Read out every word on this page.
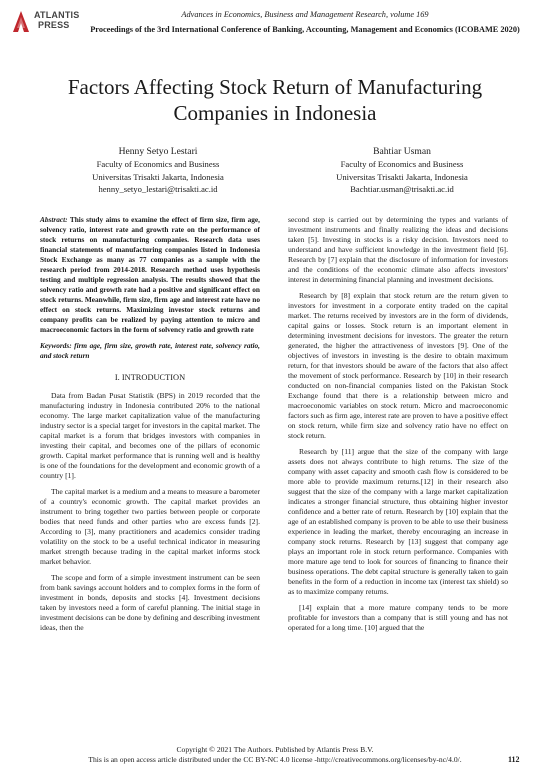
ATLANTIS
PRESS
Advances in Economics, Business and Management Research, volume 169
Proceedings of the 3rd International Conference of Banking, Accounting, Management and Economics (ICOBAME 2020)
Factors Affecting Stock Return of Manufacturing Companies in Indonesia
Henny Setyo Lestari
Faculty of Economics and Business
Universitas Trisakti Jakarta, Indonesia
henny_setyo_lestari@trisakti.ac.id
Bahtiar Usman
Faculty of Economics and Business
Universitas Trisakti Jakarta, Indonesia
Bachtiar.usman@trisakti.ac.id

Abstract: This study aims to examine the effect of firm size, firm age, solvency ratio, interest rate and growth rate on the performance of stock returns on manufacturing companies. Research data uses financial statements of manufacturing companies listed in Indonesia Stock Exchange as many as 77 companies as a sample with the research period from 2014-2018. Research method uses hypothesis testing and multiple regression analysis. The results showed that the solvency ratio and growth rate had a positive and significant effect on stock returns. Meanwhile, firm size, firm age and interest rate have no effect on stock returns. Maximizing investor stock returns and company profits can be realized by paying attention to micro and macroeconomic factors in the form of solvency ratio and growth rate

Keywords: firm age, firm size, growth rate, interest rate, solvency ratio, and stock return

I. INTRODUCTION

Data from Badan Pusat Statistik (BPS) in 2019 recorded that the manufacturing industry in Indonesia contributed 20% to the national economy. The large market capitalization value of the manufacturing industry sector is a special target for investors in the capital market. The capital market is a forum that bridges investors with companies in investing their capital, and becomes one of the pillars of economic growth. Capital market performance that is running well and is healthy is one of the foundations for the development and economic growth of a country [1].

The capital market is a medium and a means to measure a barometer of a country's economic growth. The capital market provides an instrument to bring together two parties between people or corporate bodies that need funds and other parties who are excess funds [2]. According to [3], many practitioners and academics consider trading volatility on the stock to be a useful technical indicator in measuring market strength because trading in the capital market informs stock market behavior.

The scope and form of a simple investment instrument can be seen from bank savings account holders and to complex forms in the form of investment in bonds, deposits and stocks [4]. Investment decisions taken by investors need a form of careful planning. The initial stage in investment decisions can be done by defining and describing investment ideas, then the

second step is carried out by determining the types and variants of investment instruments and finally realizing the ideas and decisions taken [5]. Investing in stocks is a risky decision. Investors need to understand and have sufficient knowledge in the investment field [6]. Research by [7] explain that the disclosure of information for investors and the conditions of the economic climate also affects investors' interest in determining financial planning and investment decisions.

Research by [8] explain that stock return are the return given to investors for investment in a corporate entity traded on the capital market. The returns received by investors are in the form of dividends, capital gains or losses. Stock return is an important element in determining investment decisions for investors. The greater the return generated, the higher the attractiveness of investors [9]. One of the objectives of investors in investing is the desire to obtain maximum return, for that investors should be aware of the factors that also affect the movement of stock performance. Research by [10] in their research conducted on non-financial companies listed on the Pakistan Stock Exchange found that there is a relationship between micro and macroeconomic variables on stock return. Micro and macroeconomic factors such as firm age, interest rate are proven to have a positive effect on stock return, while firm size and solvency ratio have no effect on stock return.

Research by [11] argue that the size of the company with large assets does not always contribute to high returns. The size of the company with asset capacity and smooth cash flow is considered to be more able to provide maximum returns.[12] in their research also suggest that the size of the company with a large market capitalization indicates a stronger financial structure, thus obtaining higher investor confidence and a better rate of return. Research by [10] explain that the age of an established company is proven to be able to use their business experience in leading the market, thereby encouraging an increase in company stock returns. Research by [13] suggest that company age plays an important role in stock return performance. Companies with more mature age tend to look for sources of financing to finance their business operations. The debt capital structure is generally taken to gain benefits in the form of a reduction in income tax (interest tax shield) so as to maximize company returns.

[14] explain that a more mature company tends to be more profitable for investors than a company that is still young and has not operated for a long time. [10] argued that the

Copyright © 2021 The Authors. Published by Atlantis Press B.V.
This is an open access article distributed under the CC BY-NC 4.0 license -http://creativecommons.org/licenses/by-nc/4.0/.	112
